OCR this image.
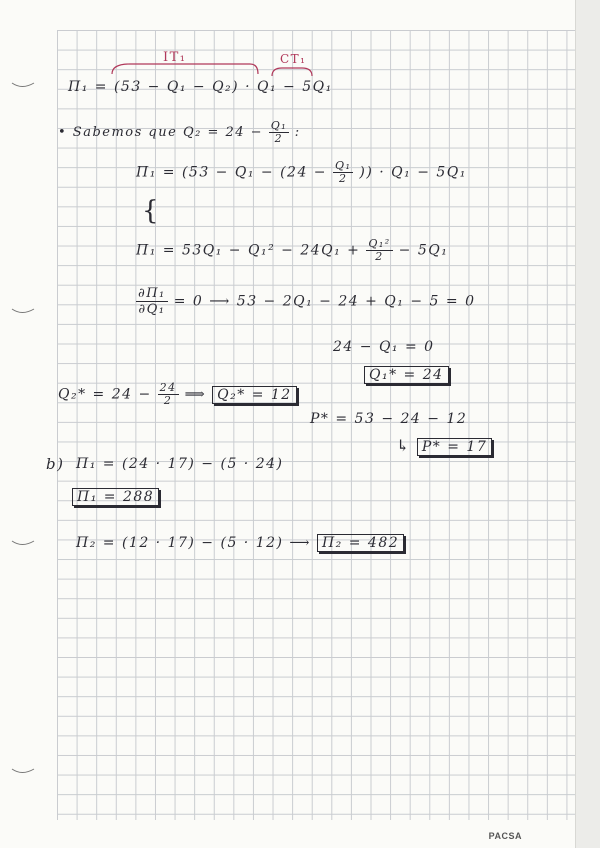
IT₁	CT₁
Π₁ = (53 − Q₁ − Q₂) · Q₁ − 5Q₁
• Sabemos que $Q_2 = 24 - \frac{\text{Q₁}}{2}$ :
$\Pi_1 = (53 - Q_1 - (24 - \frac{\text{Q₁}}{2}$ )) · Q₁ − 5Q₁
{
$\Pi_1 = 53Q_1 - Q_1^2 - 24Q_1 + \frac{\text{Q₁²}}{2} - 5Q_1$
$\frac{\text{∂Π₁}}{\text{∂Q₁}} = 0$ ⟶ 53 − 2Q₁ − 24 + Q₁ − 5 = 0
24 − Q₁ = 0
Q₁* = 24
$Q_2* = 24 - \frac{24}{2}$ ⟹ Q₂* = 12
P* = 53 − 24 − 12
↳ P* = 17
b) Π₁ = (24 · 17) − (5 · 24)
Π₁ = 288
Π₂ = (12 · 17) − (5 · 12) ⟶ Π₂ = 482
PACSA
